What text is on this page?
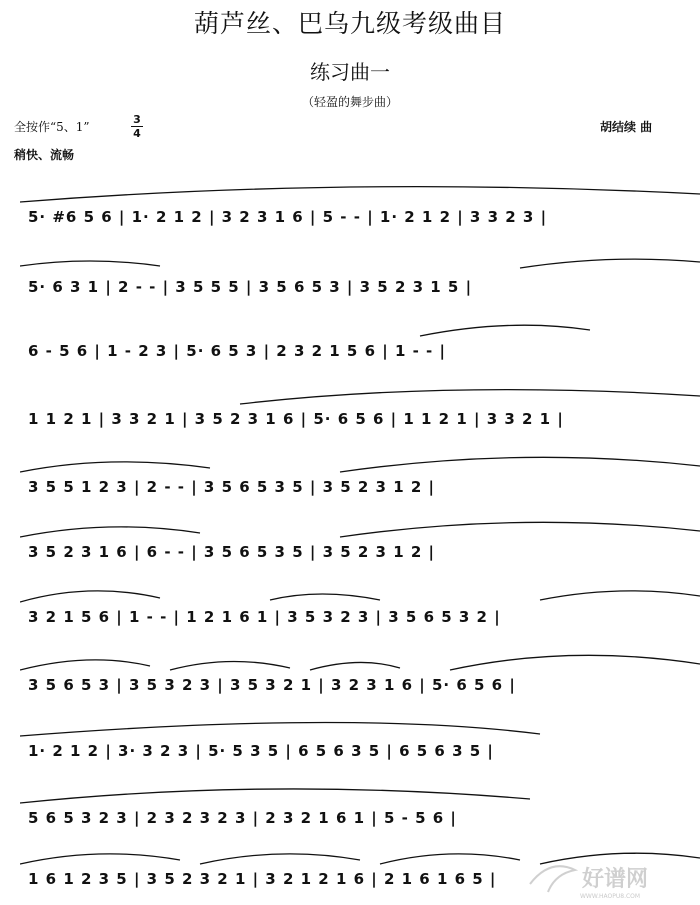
葫芦丝、巴乌九级考级曲目
练习曲一
（轻盈的舞步曲）
全按作“5、1”
3
4
稍快、流畅
胡结续 曲
5· #6 5 6 | 1· 2 1 2 | 3 2 3 1 6 | 5 - - | 1· 2 1 2 | 3 3 2 3 |
5· 6 3 1 | 2 - - | 3 5 5 5 | 3 5 6 5 3 | 3 5 2 3 1 5 |
6 - 5 6 | 1 - 2 3 | 5· 6 5 3 | 2 3 2 1 5 6 | 1 - - |
1 1 2 1 | 3 3 2 1 | 3 5 2 3 1 6 | 5· 6 5 6 | 1 1 2 1 | 3 3 2 1 |
3 5 5 1 2 3 | 2 - - | 3 5 6 5 3 5 | 3 5 2 3 1 2 |
3 5 2 3 1 6 | 6 - - | 3 5 6 5 3 5 | 3 5 2 3 1 2 |
3 2 1 5 6 | 1 - - | 1 2 1 6 1 | 3 5 3 2 3 | 3 5 6 5 3 2 |
3 5 6 5 3 | 3 5 3 2 3 | 3 5 3 2 1 | 3 2 3 1 6 | 5· 6 5 6 |
1· 2 1 2 | 3· 3 2 3 | 5· 5 3 5 | 6 5 6 3 5 | 6 5 6 3 5 |
5 6 5 3 2 3 | 2 3 2 3 2 3 | 2 3 2 1 6 1 | 5 - 5 6 |
1 6 1 2 3 5 | 3 5 2 3 2 1 | 3 2 1 2 1 6 | 2 1 6 1 6 5 |	好谱网
WWW.HAOPU8.COM
